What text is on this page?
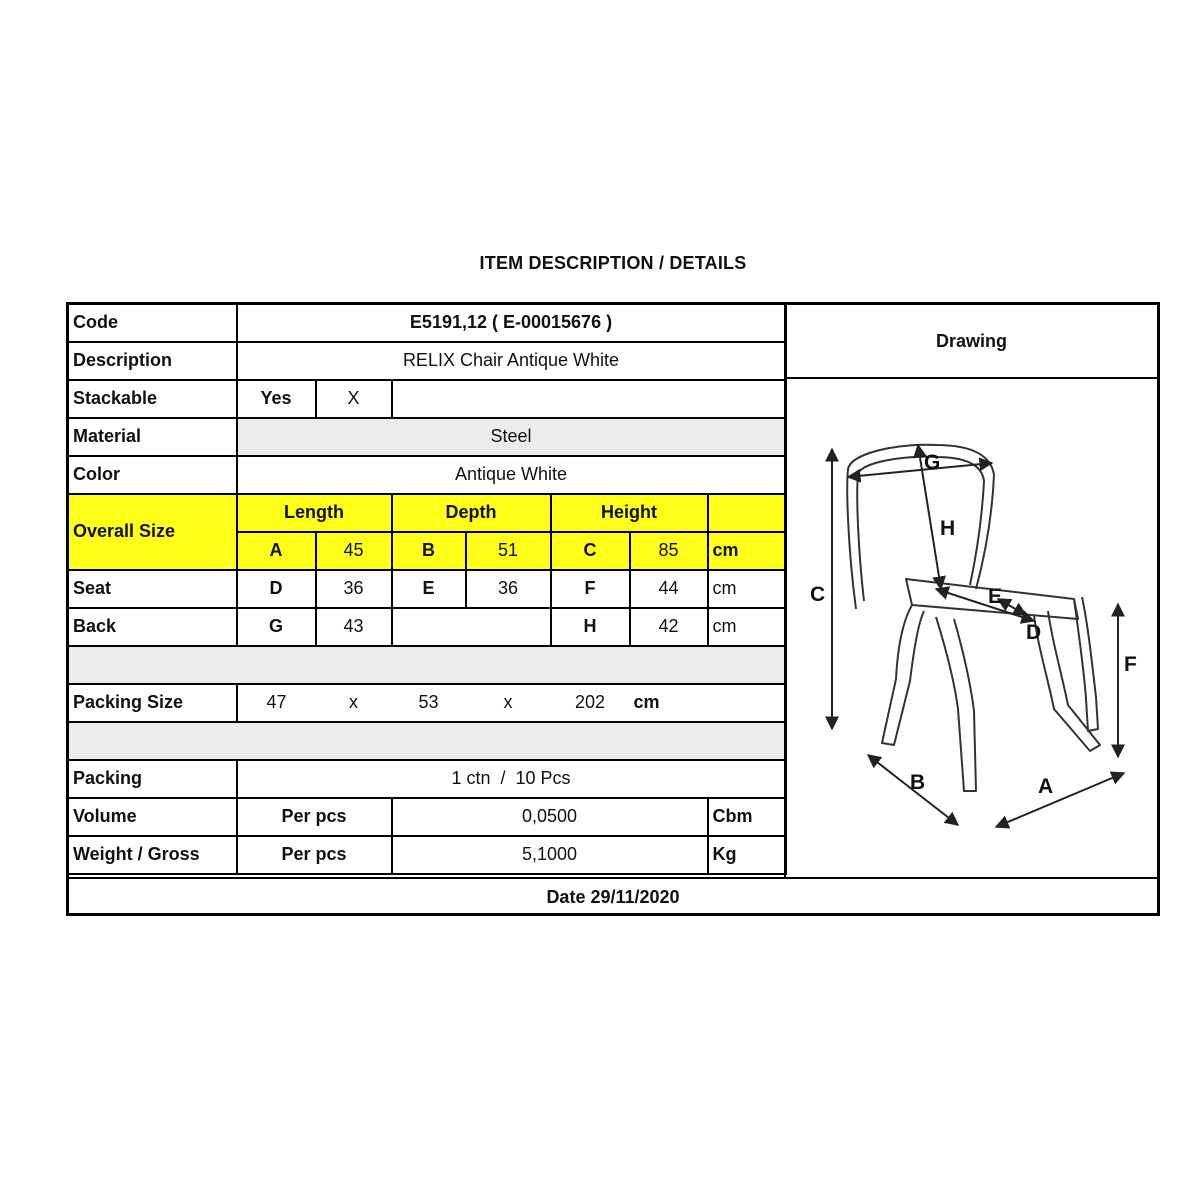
ITEM DESCRIPTION / DETAILS
Code	E5191,12 ( E-00015676 )						
Description	RELIX Chair Antique White						
Stackable	Yes	X					
Material	Steel						
Color	Antique White						
Overall Size	Length		Depth		Height		
	A	45	B	51	C	85	cm
Seat	D	36	E	36	F	44	cm
Back	G	43			H	42	cm

Packing Size	47	x	53	x	202	cm	

Packing	1 ctn  /  10 Pcs						
Volume	Per pcs		0,0500				Cbm
Weight / Gross	Per pcs		5,1000				Kg
Drawing
C
F
B	A
G
H
E
D
Date 29/11/2020
